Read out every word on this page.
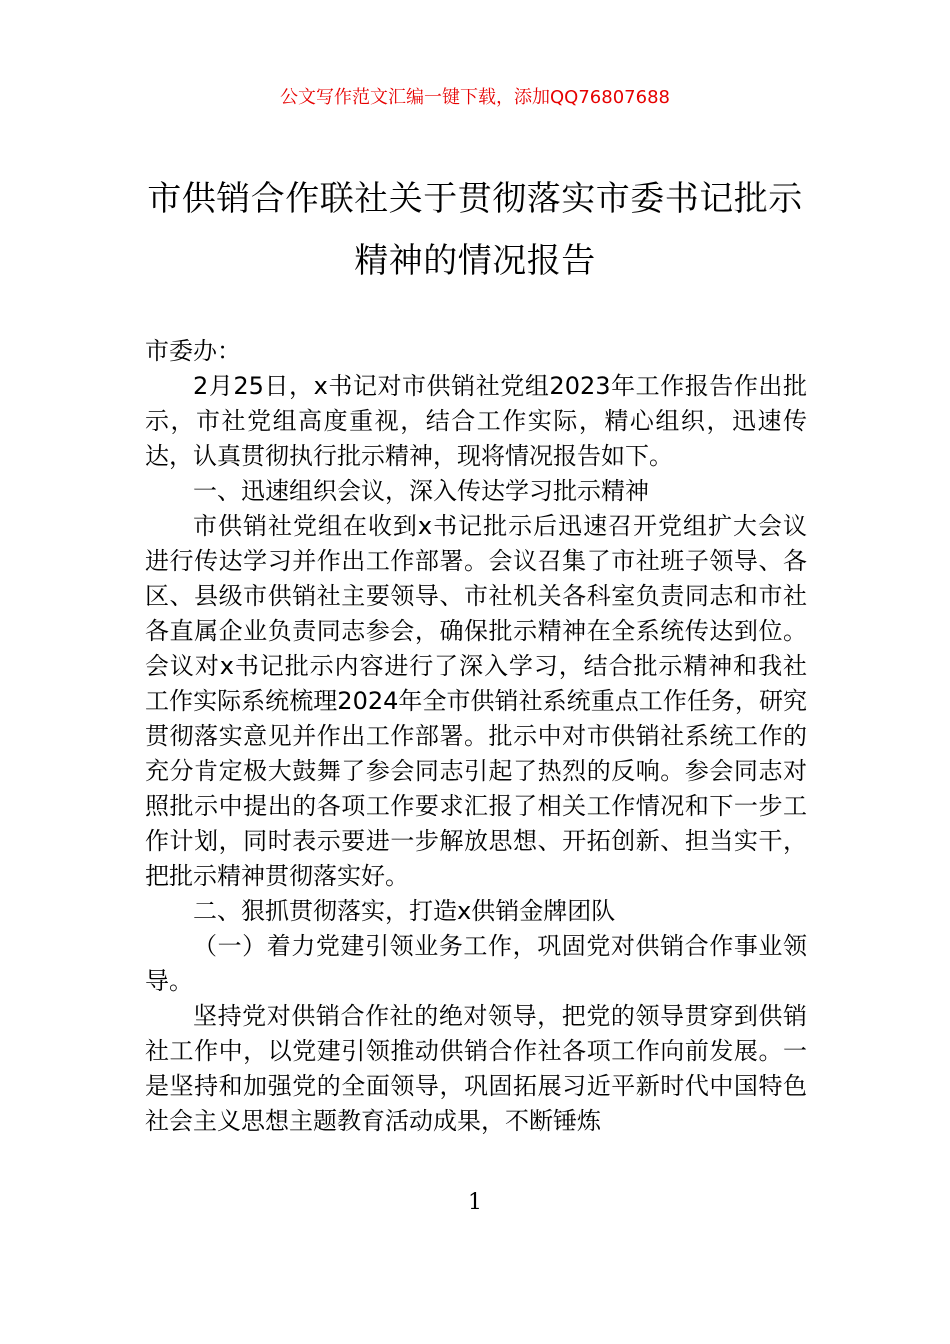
公文写作范文汇编一键下载，添加QQ76807688
市供销合作联社关于贯彻落实市委书记批示精神的情况报告

市委办：

2月25日，x书记对市供销社党组2023年工作报告作出批示，市社党组高度重视，结合工作实际，精心组织，迅速传达，认真贯彻执行批示精神，现将情况报告如下。

一、迅速组织会议，深入传达学习批示精神

市供销社党组在收到x书记批示后迅速召开党组扩大会议进行传达学习并作出工作部署。会议召集了市社班子领导、各区、县级市供销社主要领导、市社机关各科室负责同志和市社各直属企业负责同志参会，确保批示精神在全系统传达到位。会议对x书记批示内容进行了深入学习，结合批示精神和我社工作实际系统梳理2024年全市供销社系统重点工作任务，研究贯彻落实意见并作出工作部署。批示中对市供销社系统工作的充分肯定极大鼓舞了参会同志引起了热烈的反响。参会同志对照批示中提出的各项工作要求汇报了相关工作情况和下一步工作计划，同时表示要进一步解放思想、开拓创新、担当实干，把批示精神贯彻落实好。

二、狠抓贯彻落实，打造x供销金牌团队

（一）着力党建引领业务工作，巩固党对供销合作事业领导。

坚持党对供销合作社的绝对领导，把党的领导贯穿到供销社工作中，以党建引领推动供销合作社各项工作向前发展。一是坚持和加强党的全面领导，巩固拓展习近平新时代中国特色社会主义思想主题教育活动成果，不断锤炼

1
